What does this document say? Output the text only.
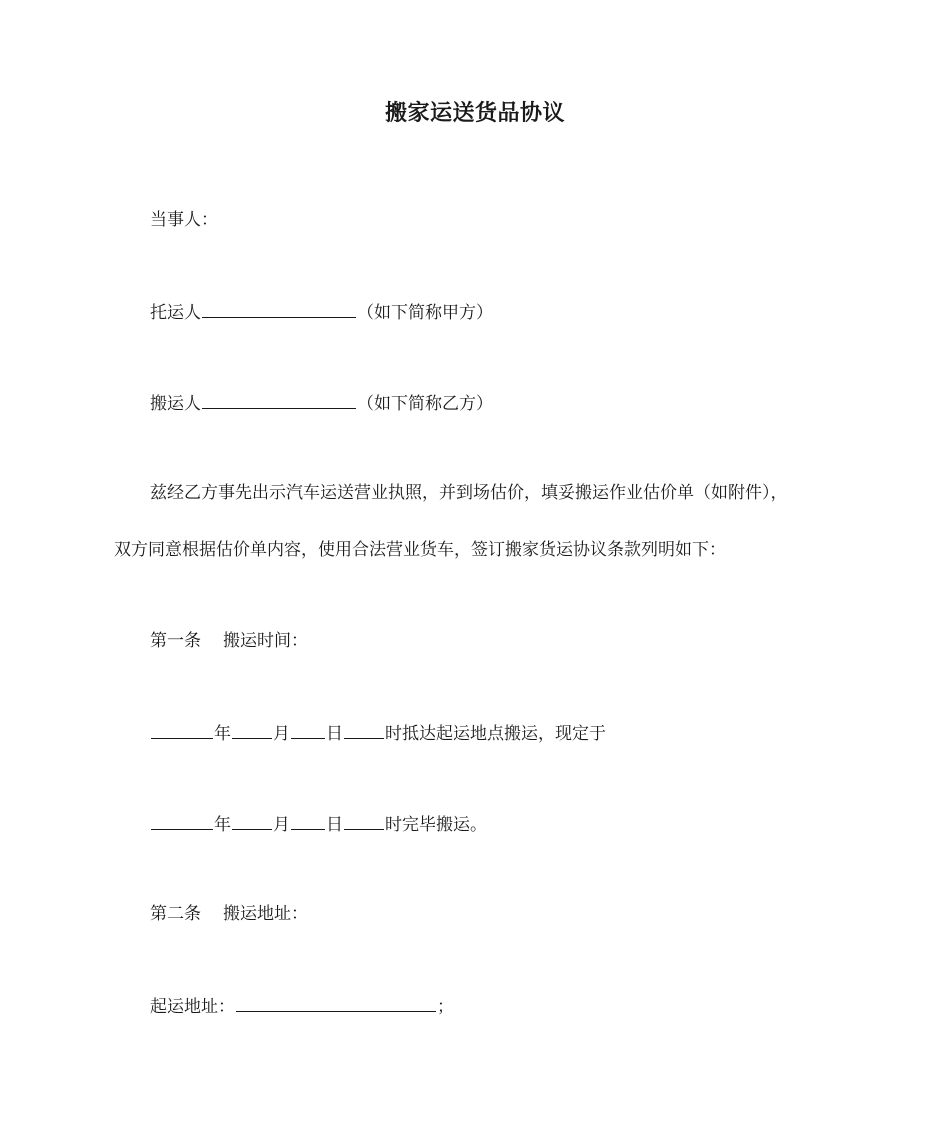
搬家运送货品协议
当事人：
托运人	（如下简称甲方）
搬运人	（如下简称乙方）
兹经乙方事先出示汽车运送营业执照，并到场估价，填妥搬运作业估价单（如附件），
双方同意根据估价单内容，使用合法营业货车，签订搬家货运协议条款列明如下：
第一条 搬运时间：
年 月 日 时抵达起运地点搬运，现定于
年 月 日 时完毕搬运。
第二条 搬运地址：
起运地址：	；
